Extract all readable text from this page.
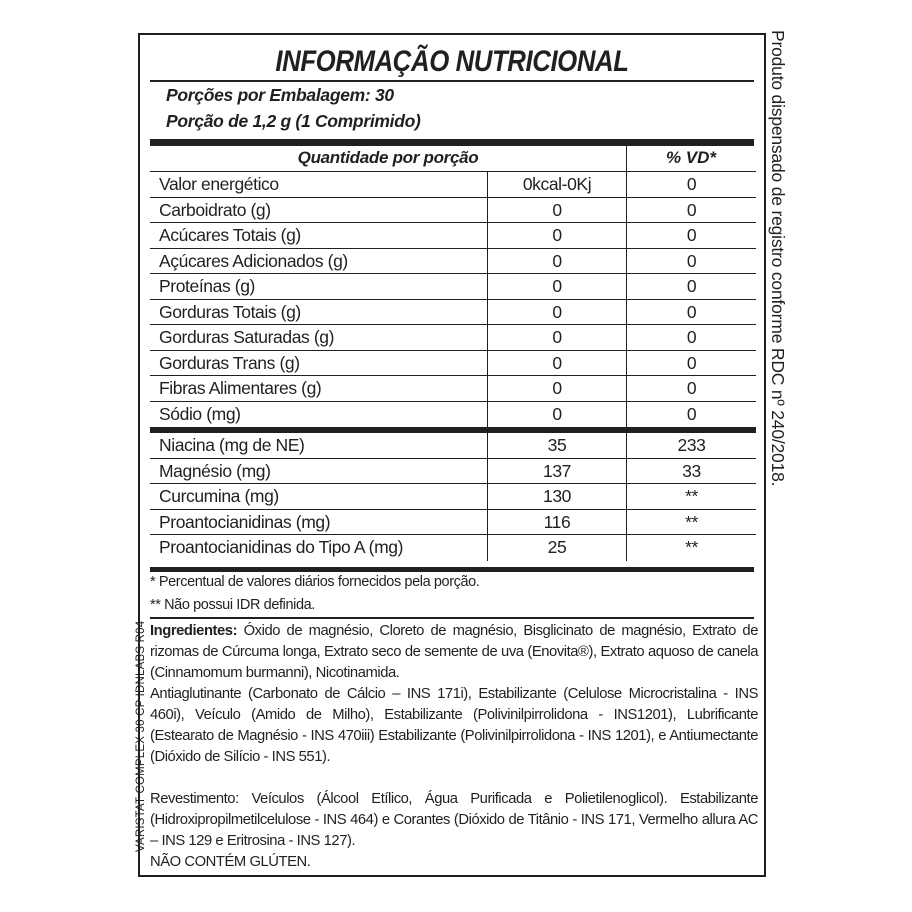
Produto dispensado de registro conforme RDC nº 240/2018.
VARISTAT COMPLEX 30 CP IDNLABS R04
INFORMAÇÃO NUTRICIONAL
Porções por Embalagem: 30
Porção de 1,2 g (1 Comprimido)
Quantidade por porção	% VD*
Valor energético	0kcal-0Kj	0
Carboidrato (g)	0	0
Acúcares Totais (g)	0	0
Açúcares Adicionados (g)	0	0
Proteínas (g)	0	0
Gorduras Totais (g)	0	0
Gorduras Saturadas (g)	0	0
Gorduras Trans (g)	0	0
Fibras Alimentares (g)	0	0
Sódio (mg)	0	0
Niacina (mg de NE)	35	233
Magnésio (mg)	137	33
Curcumina (mg)	130	**
Proantocianidinas (mg)	116	**
Proantocianidinas do Tipo A (mg)	25	**
* Percentual de valores diários fornecidos pela porção.
** Não possui IDR definida.

Ingredientes: Óxido de magnésio, Cloreto de magnésio, Bisglicinato de magnésio, Extrato de rizomas de Cúrcuma longa, Extrato seco de semente de uva (Enovita®), Extrato aquoso de canela (Cinnamomum burmanni), Nicotinamida.

Antiaglutinante (Carbonato de Cálcio – INS 171i), Estabilizante (Celulose Microcristalina - INS 460i), Veículo (Amido de Milho), Estabilizante (Polivinilpirrolidona - INS1201), Lubrificante (Estearato de Magnésio - INS 470iii) Estabilizante (Polivinilpirrolidona - INS 1201), e Antiumectante (Dióxido de Silício - INS 551).

Revestimento: Veículos (Álcool Etílico, Água Purificada e Polietilenoglicol). Estabilizante (Hidroxipropilmetilcelulose - INS 464) e Corantes (Dióxido de Titânio - INS 171, Vermelho allura AC – INS 129 e Eritrosina - INS 127).

NÃO CONTÉM GLÚTEN.
